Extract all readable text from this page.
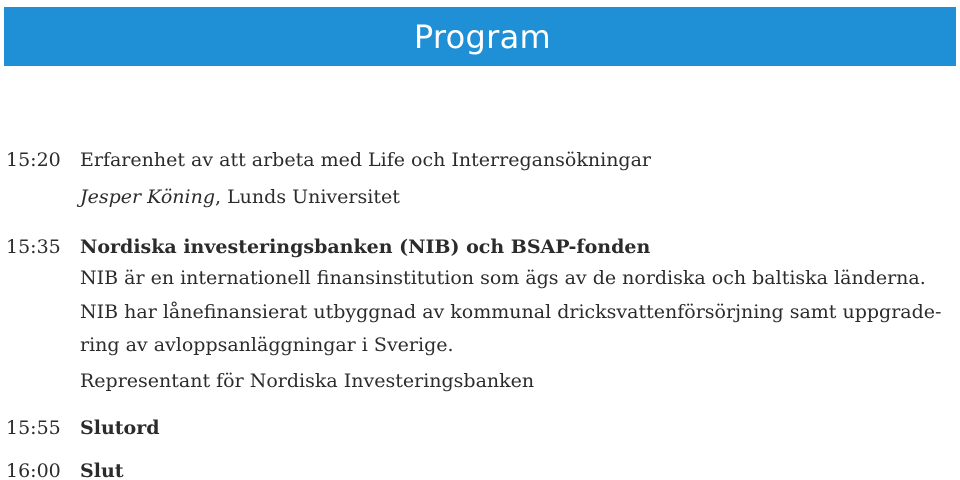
Program
15:20 Erfarenhet av att arbeta med Life och Interregansökningar
Jesper Köning, Lunds Universitet
15:35 Nordiska investeringsbanken (NIB) och BSAP-fonden
NIB är en internationell finansinstitution som ägs av de nordiska och baltiska länderna.
NIB har lånefinansierat utbyggnad av kommunal dricksvattenförsörjning samt uppgrade-
ring av avloppsanläggningar i Sverige.
Representant för Nordiska Investeringsbanken
15:55 Slutord
16:00 Slut
